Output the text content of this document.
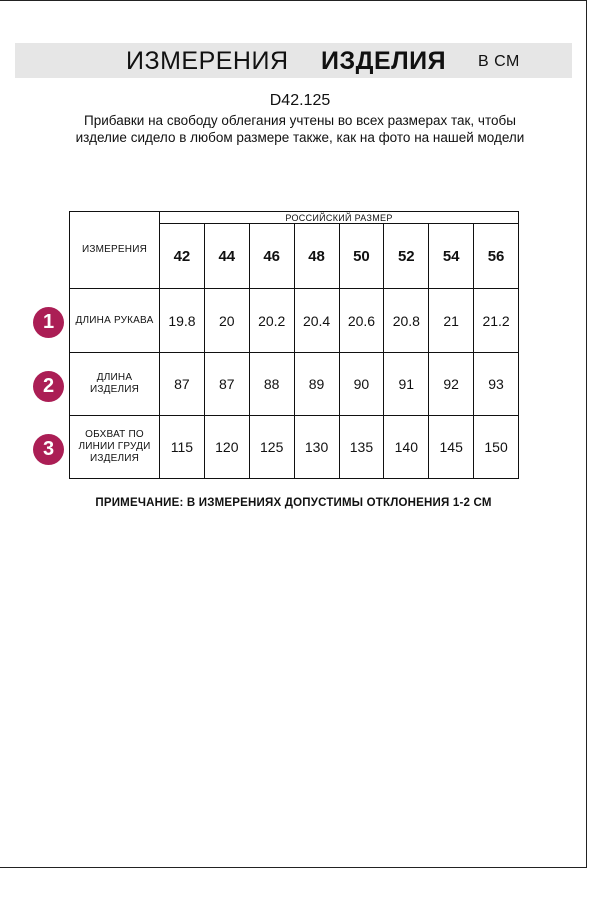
ИЗМЕРЕНИЯ ИЗДЕЛИЯ В СМ
D42.125
Прибавки на свободу облегания учтены во всех размерах так, чтобы изделие сидело в любом размере также, как на фото на нашей модели
ИЗМЕРЕНИЯ	РОССИЙСКИЙ РАЗМЕР							
	42	44	46	48	50	52	54	56
ДЛИНА РУКАВА	19.8	20	20.2	20.4	20.6	20.8	21	21.2
ДЛИНА ИЗДЕЛИЯ	87	87	88	89	90	91	92	93
ОБХВАТ ПО ЛИНИИ ГРУДИ ИЗДЕЛИЯ	115	120	125	130	135	140	145	150
1
2
3
ПРИМЕЧАНИЕ: В ИЗМЕРЕНИЯХ ДОПУСТИМЫ ОТКЛОНЕНИЯ 1-2 СМ
